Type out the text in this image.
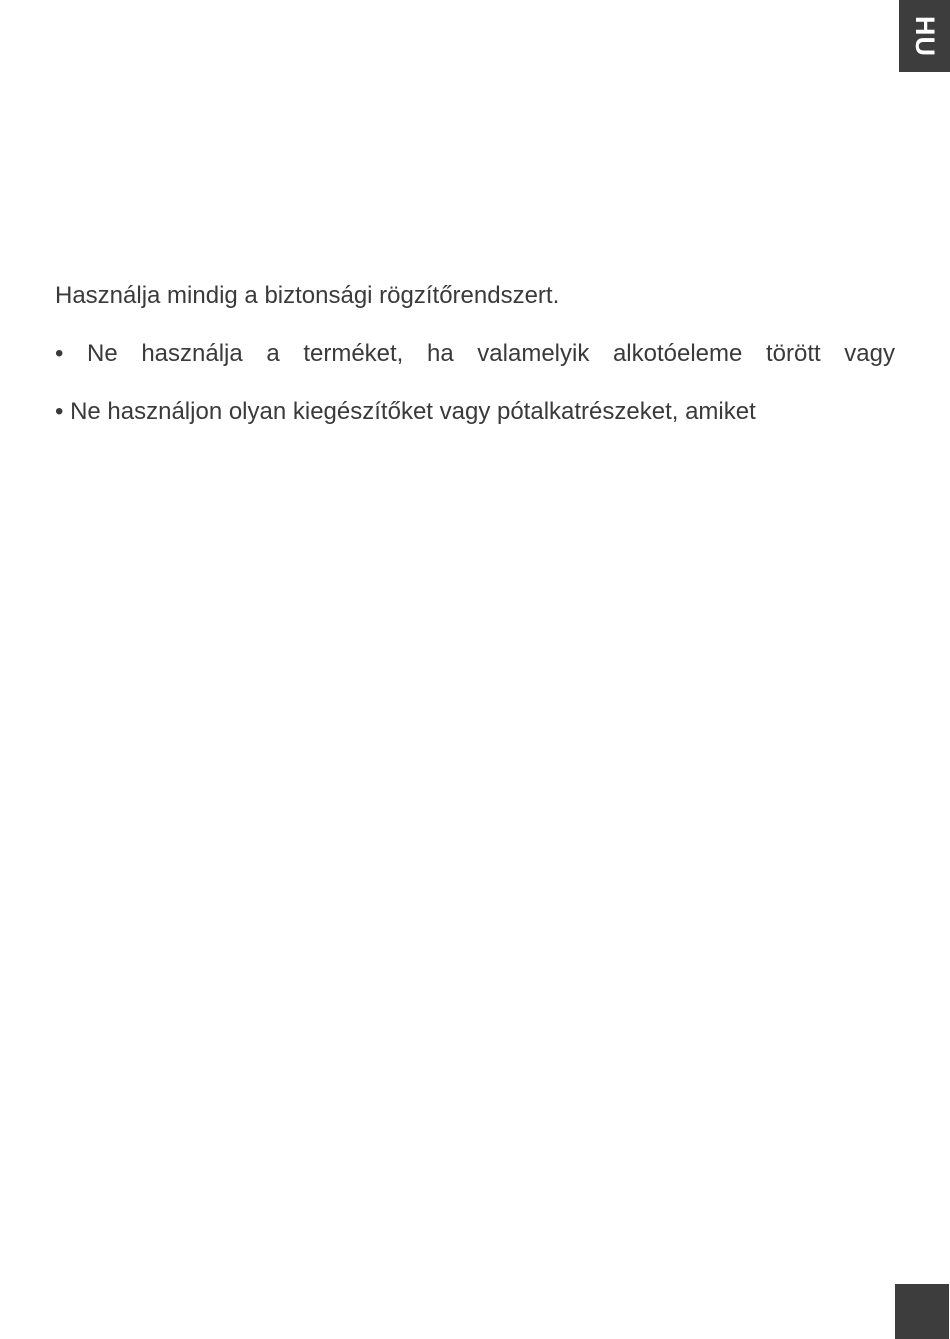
HU

Használja mindig a biztonsági rögzítőrendszert.

• Ne használja a terméket, ha valamelyik alkotóeleme törött vagy

• Ne használjon olyan kiegészítőket vagy pótalkatrészeket, amiket
